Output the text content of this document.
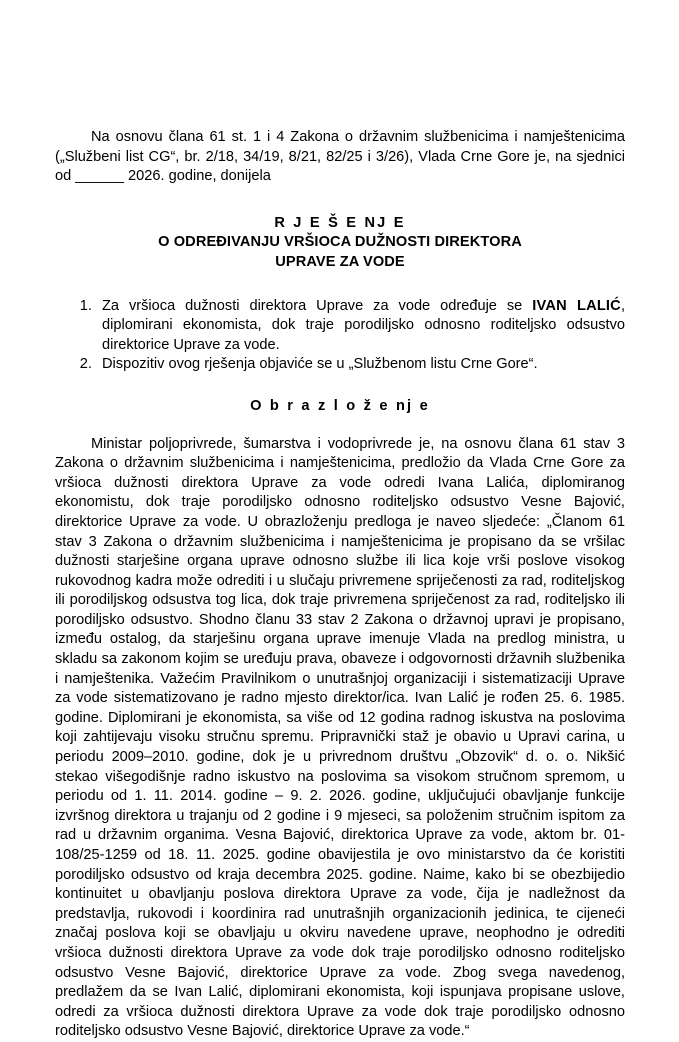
Na osnovu člana 61 st. 1 i 4 Zakona o državnim službenicima i namještenicima („Službeni list CG“, br. 2/18, 34/19, 8/21, 82/25 i 3/26), Vlada Crne Gore je, na sjednici od ______ 2026. godine, donijela

R J E Š E NJ E
O ODREĐIVANJU VRŠIOCA DUŽNOSTI DIREKTORA
UPRAVE ZA VODE
1. Za vršioca dužnosti direktora Uprave za vode određuje se IVAN LALIĆ, diplomirani ekonomista, dok traje porodiljsko odnosno roditeljsko odsustvo direktorice Uprave za vode.
2. Dispozitiv ovog rješenja objaviće se u „Službenom listu Crne Gore“.
O b r a z l o ž e nj e

Ministar poljoprivrede, šumarstva i vodoprivrede je, na osnovu člana 61 stav 3 Zakona o državnim službenicima i namještenicima, predložio da Vlada Crne Gore za vršioca dužnosti direktora Uprave za vode odredi Ivana Lalića, diplomiranog ekonomistu, dok traje porodiljsko odnosno roditeljsko odsustvo Vesne Bajović, direktorice Uprave za vode. U obrazloženju predloga je naveo sljedeće: „Članom 61 stav 3 Zakona o državnim službenicima i namještenicima je propisano da se vršilac dužnosti starješine organa uprave odnosno službe ili lica koje vrši poslove visokog rukovodnog kadra može odrediti i u slučaju privremene spriječenosti za rad, roditeljskog ili porodiljskog odsustva tog lica, dok traje privremena spriječenost za rad, roditeljsko ili porodiljsko odsustvo. Shodno članu 33 stav 2 Zakona o državnoj upravi je propisano, između ostalog, da starješinu organa uprave imenuje Vlada na predlog ministra, u skladu sa zakonom kojim se uređuju prava, obaveze i odgovornosti državnih službenika i namještenika. Važećim Pravilnikom o unutrašnjoj organizaciji i sistematizaciji Uprave za vode sistematizovano je radno mjesto direktor/ica. Ivan Lalić je rođen 25. 6. 1985. godine. Diplomirani je ekonomista, sa više od 12 godina radnog iskustva na poslovima koji zahtijevaju visoku stručnu spremu. Pripravnički staž je obavio u Upravi carina, u periodu 2009–2010. godine, dok je u privrednom društvu „Obzovik“ d. o. o. Nikšić stekao višegodišnje radno iskustvo na poslovima sa visokom stručnom spremom, u periodu od 1. 11. 2014. godine – 9. 2. 2026. godine, uključujući obavljanje funkcije izvršnog direktora u trajanju od 2 godine i 9 mjeseci, sa položenim stručnim ispitom za rad u državnim organima. Vesna Bajović, direktorica Uprave za vode, aktom br. 01-108/25-1259 od 18. 11. 2025. godine obavijestila je ovo ministarstvo da će koristiti porodiljsko odsustvo od kraja decembra 2025. godine. Naime, kako bi se obezbijedio kontinuitet u obavljanju poslova direktora Uprave za vode, čija je nadležnost da predstavlja, rukovodi i koordinira rad unutrašnjih organizacionih jedinica, te cijeneći značaj poslova koji se obavljaju u okviru navedene uprave, neophodno je odrediti vršioca dužnosti direktora Uprave za vode dok traje porodiljsko odnosno roditeljsko odsustvo Vesne Bajović, direktorice Uprave za vode. Zbog svega navedenog, predlažem da se Ivan Lalić, diplomirani ekonomista, koji ispunjava propisane uslove, odredi za vršioca dužnosti direktora Uprave za vode dok traje porodiljsko odnosno roditeljsko odsustvo Vesne Bajović, direktorice Uprave za vode.“
